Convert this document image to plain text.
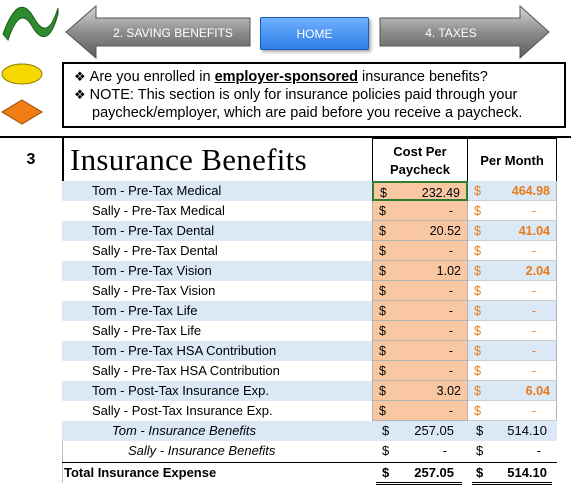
2. SAVING BENEFITS	HOME	4. TAXES
❖ Are you enrolled in employer-sponsored insurance benefits?
❖ NOTE: This section is only for insurance policies paid through your
paycheck/employer, which are paid before you receive a paycheck.
3	Insurance Benefits	Cost Per
Paycheck
Per Month
Tom - Pre-Tax Medical	$	232.49 $ 464.98
Sally - Pre-Tax Medical	$	- $	-
Tom - Pre-Tax Dental	$	20.52 $	41.04
Sally - Pre-Tax Dental	$	- $	-
Tom - Pre-Tax Vision	$	1.02 $	2.04
Sally - Pre-Tax Vision	$	- $	-
Tom - Pre-Tax Life	$	- $	-
Sally - Pre-Tax Life	$	- $	-
Tom - Pre-Tax HSA Contribution	$	- $	-
Sally - Pre-Tax HSA Contribution	$	- $	-
Tom - Post-Tax Insurance Exp.	$	3.02 $	6.04
Sally - Post-Tax Insurance Exp.	$	- $	-
Tom - Insurance Benefits	$ 257.05 $ 514.10
Sally - Insurance Benefits	$	- $	-
Total Insurance Expense	$ 257.05 $ 514.10
